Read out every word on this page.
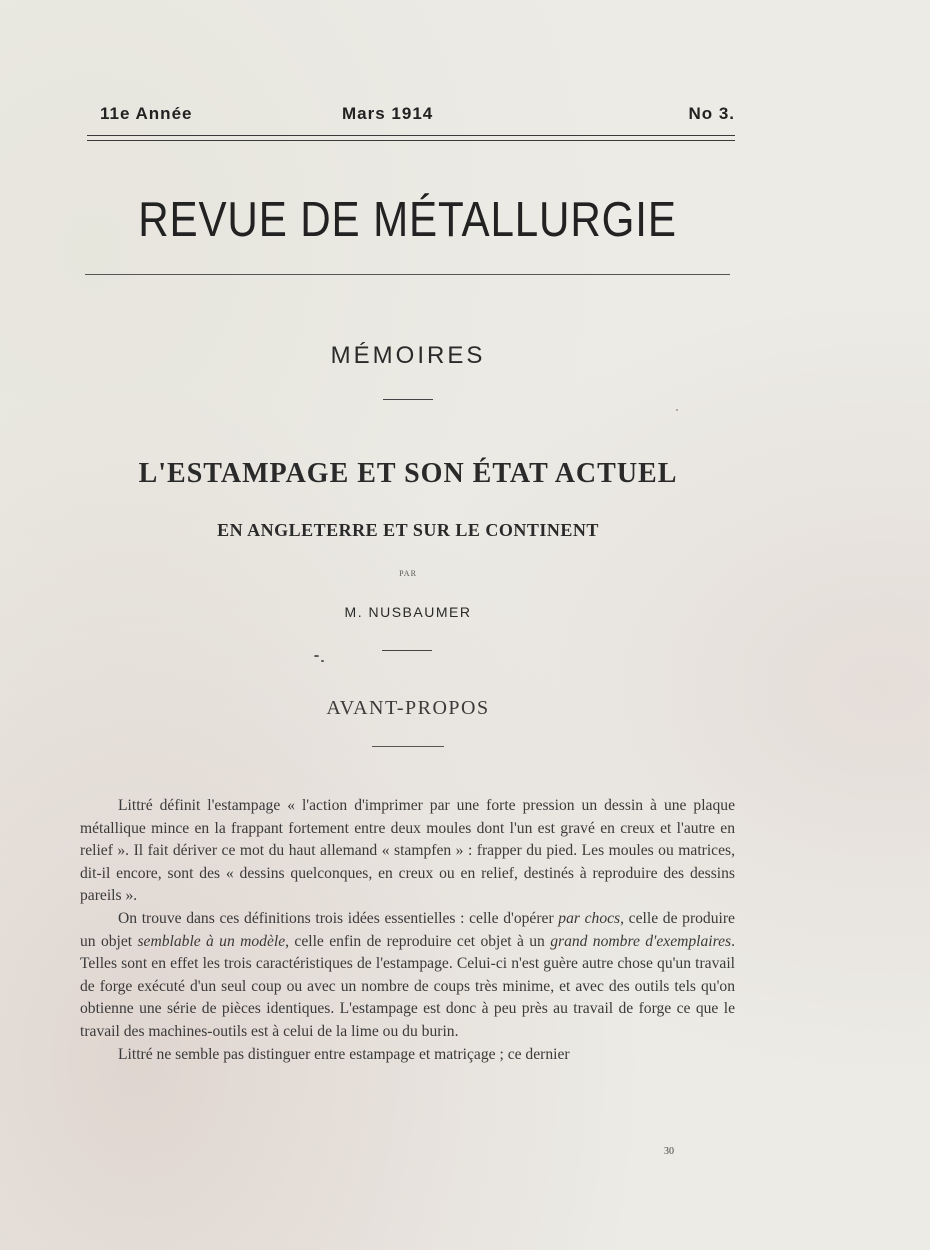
11e Année	Mars 1914	No 3.
REVUE DE MÉTALLURGIE
MÉMOIRES
L'ESTAMPAGE ET SON ÉTAT ACTUEL
EN ANGLETERRE ET SUR LE CONTINENT
PAR
M. NUSBAUMER
AVANT-PROPOS

Littré définit l'estampage « l'action d'imprimer par une forte pression un dessin à une plaque métallique mince en la frappant fortement entre deux moules dont l'un est gravé en creux et l'autre en relief ». Il fait dériver ce mot du haut allemand « stampfen » : frapper du pied. Les moules ou matrices, dit-il encore, sont des « dessins quelconques, en creux ou en relief, destinés à reproduire des dessins pareils ».

On trouve dans ces définitions trois idées essentielles : celle d'opérer par chocs, celle de produire un objet semblable à un modèle, celle enfin de reproduire cet objet à un grand nombre d'exemplaires. Telles sont en effet les trois caractéristiques de l'estampage. Celui-ci n'est guère autre chose qu'un travail de forge exécuté d'un seul coup ou avec un nombre de coups très minime, et avec des outils tels qu'on obtienne une série de pièces identiques. L'estampage est donc à peu près au travail de forge ce que le travail des machines-outils est à celui de la lime ou du burin.

Littré ne semble pas distinguer entre estampage et matriçage ; ce dernier

30
